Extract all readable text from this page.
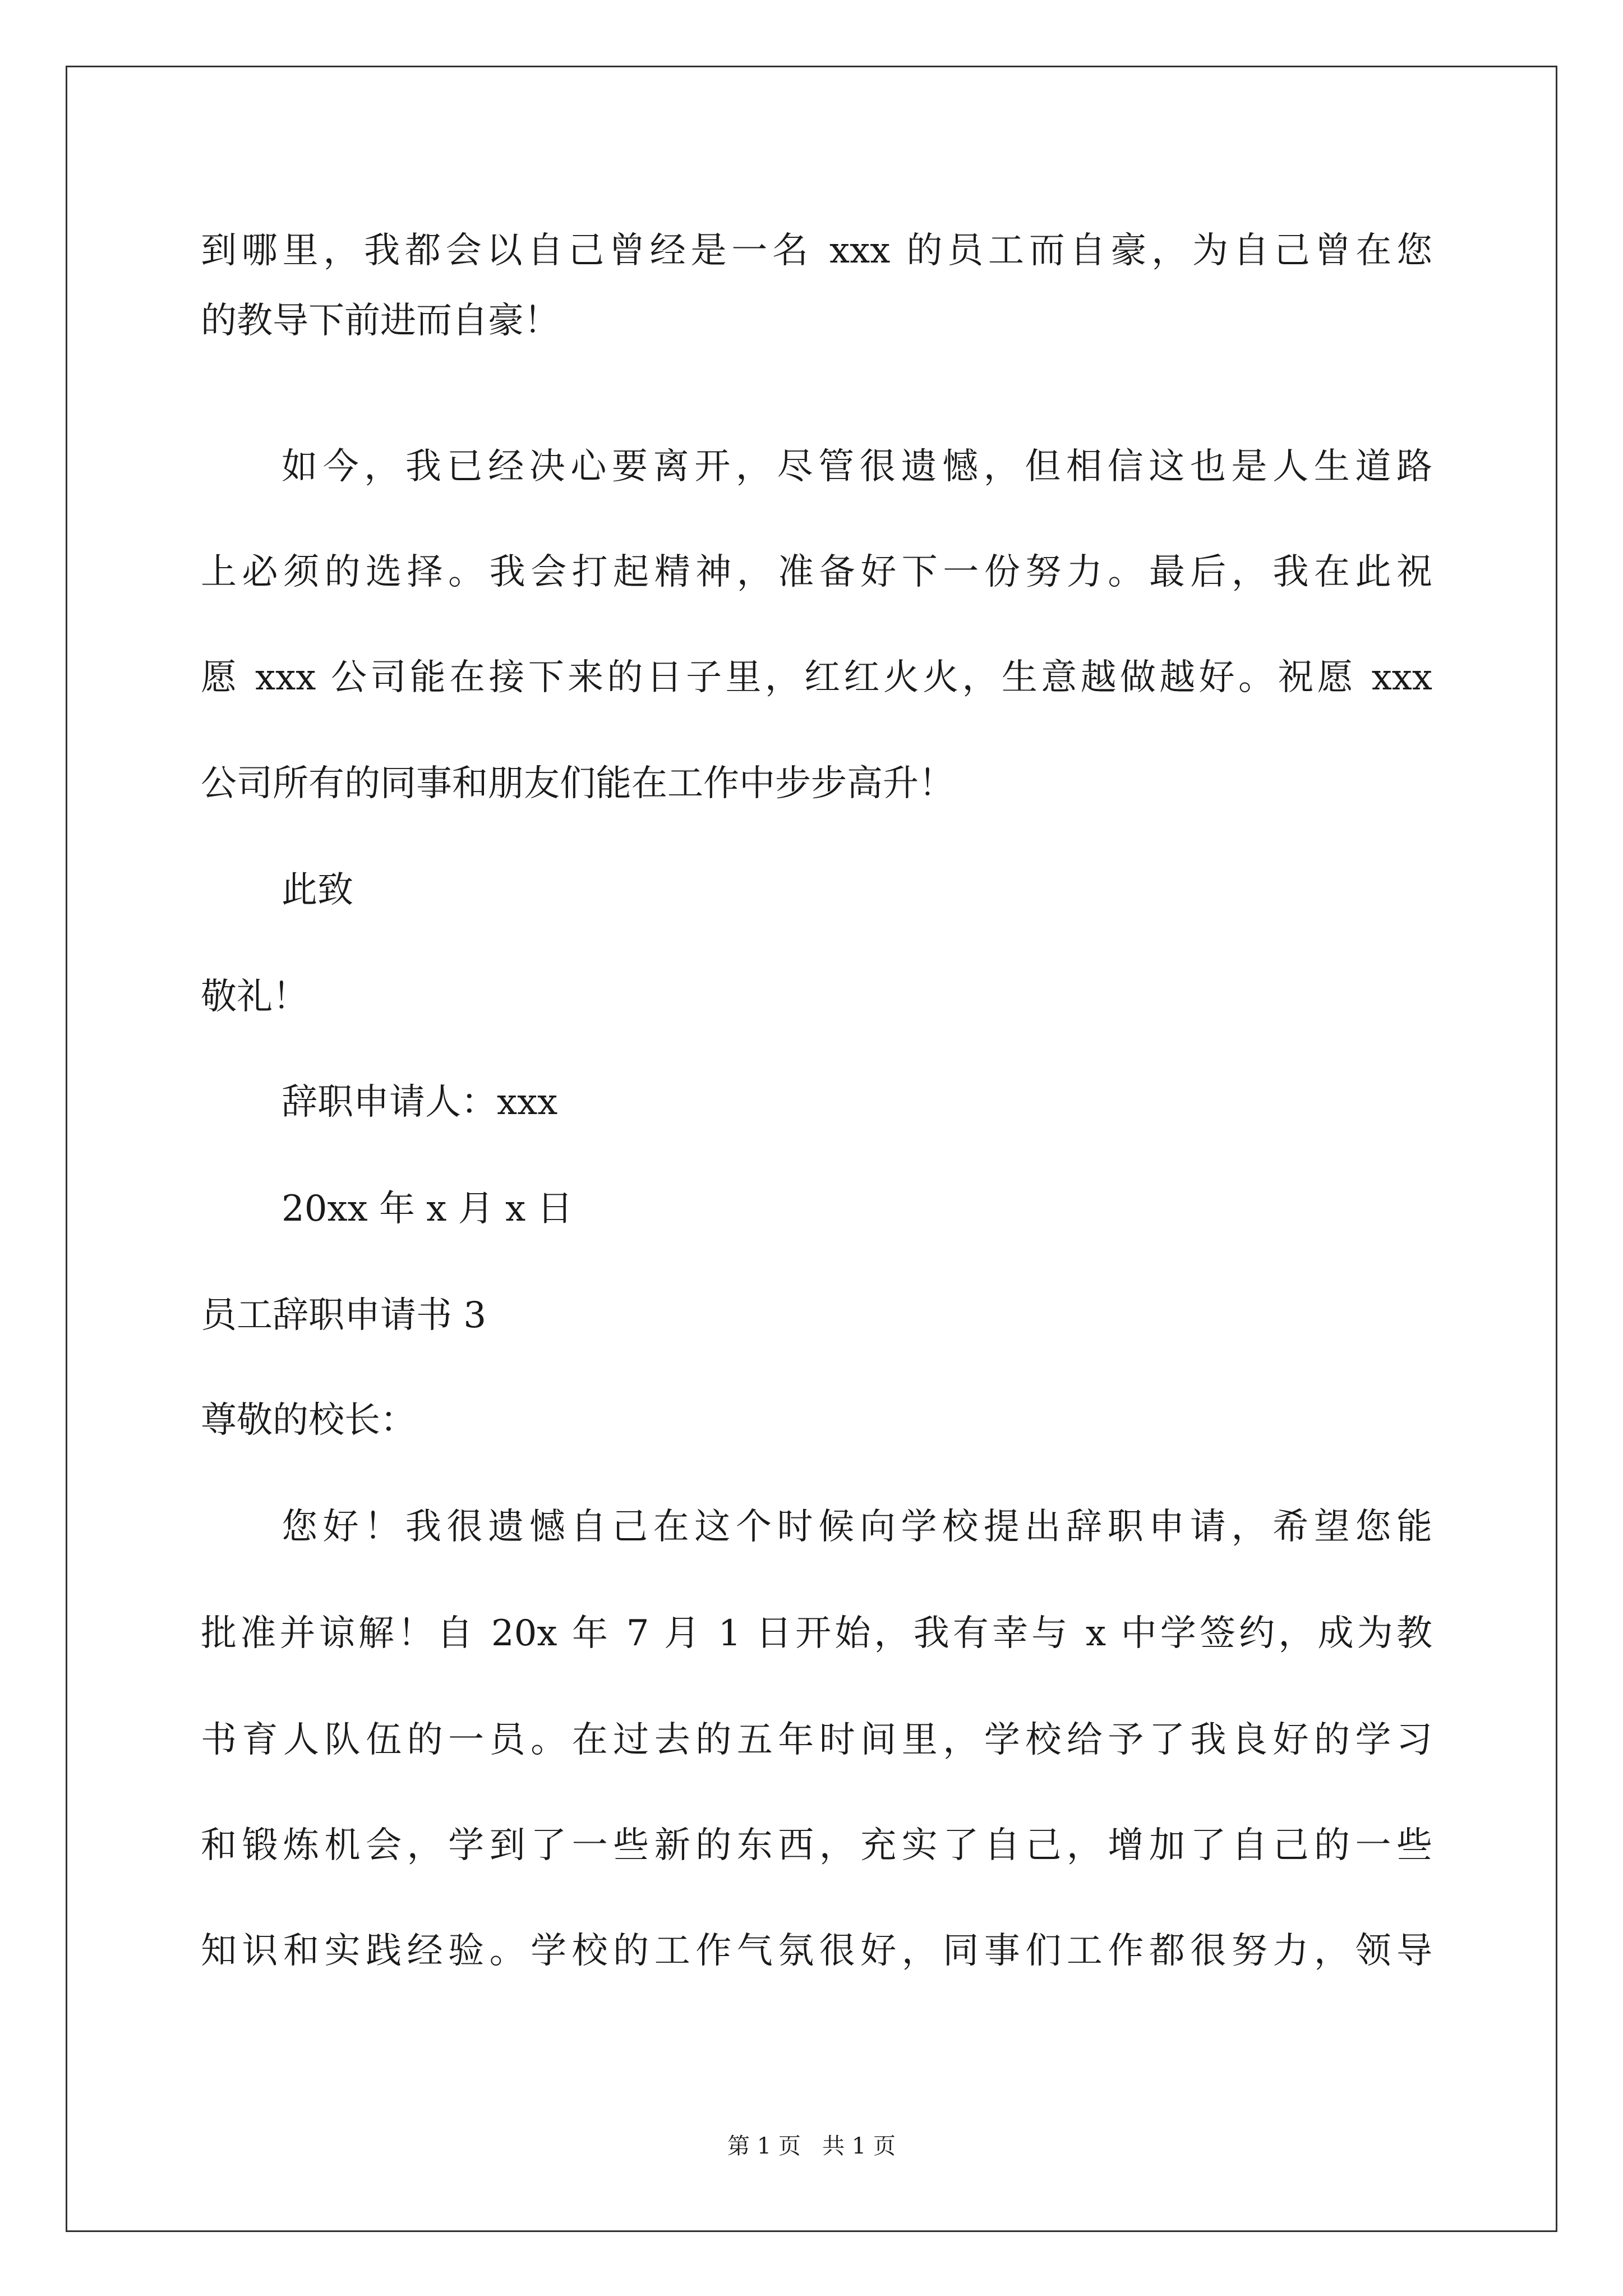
到哪里，我都会以自己曾经是一名 xxx 的员工而自豪，为自己曾在您
的教导下前进而自豪！
如今，我已经决心要离开，尽管很遗憾，但相信这也是人生道路
上必须的选择。我会打起精神，准备好下一份努力。最后，我在此祝
愿 xxx 公司能在接下来的日子里，红红火火，生意越做越好。祝愿 xxx
公司所有的同事和朋友们能在工作中步步高升！
此致
敬礼！
辞职申请人：xxx
20xx 年 x 月 x 日
员工辞职申请书 3
尊敬的校长：
您好！我很遗憾自己在这个时候向学校提出辞职申请，希望您能
批准并谅解！自 20x 年 7 月 1 日开始，我有幸与 x 中学签约，成为教
书育人队伍的一员。在过去的五年时间里，学校给予了我良好的学习
和锻炼机会，学到了一些新的东西，充实了自己，增加了自己的一些
知识和实践经验。学校的工作气氛很好，同事们工作都很努力，领导
第 1 页   共 1 页
